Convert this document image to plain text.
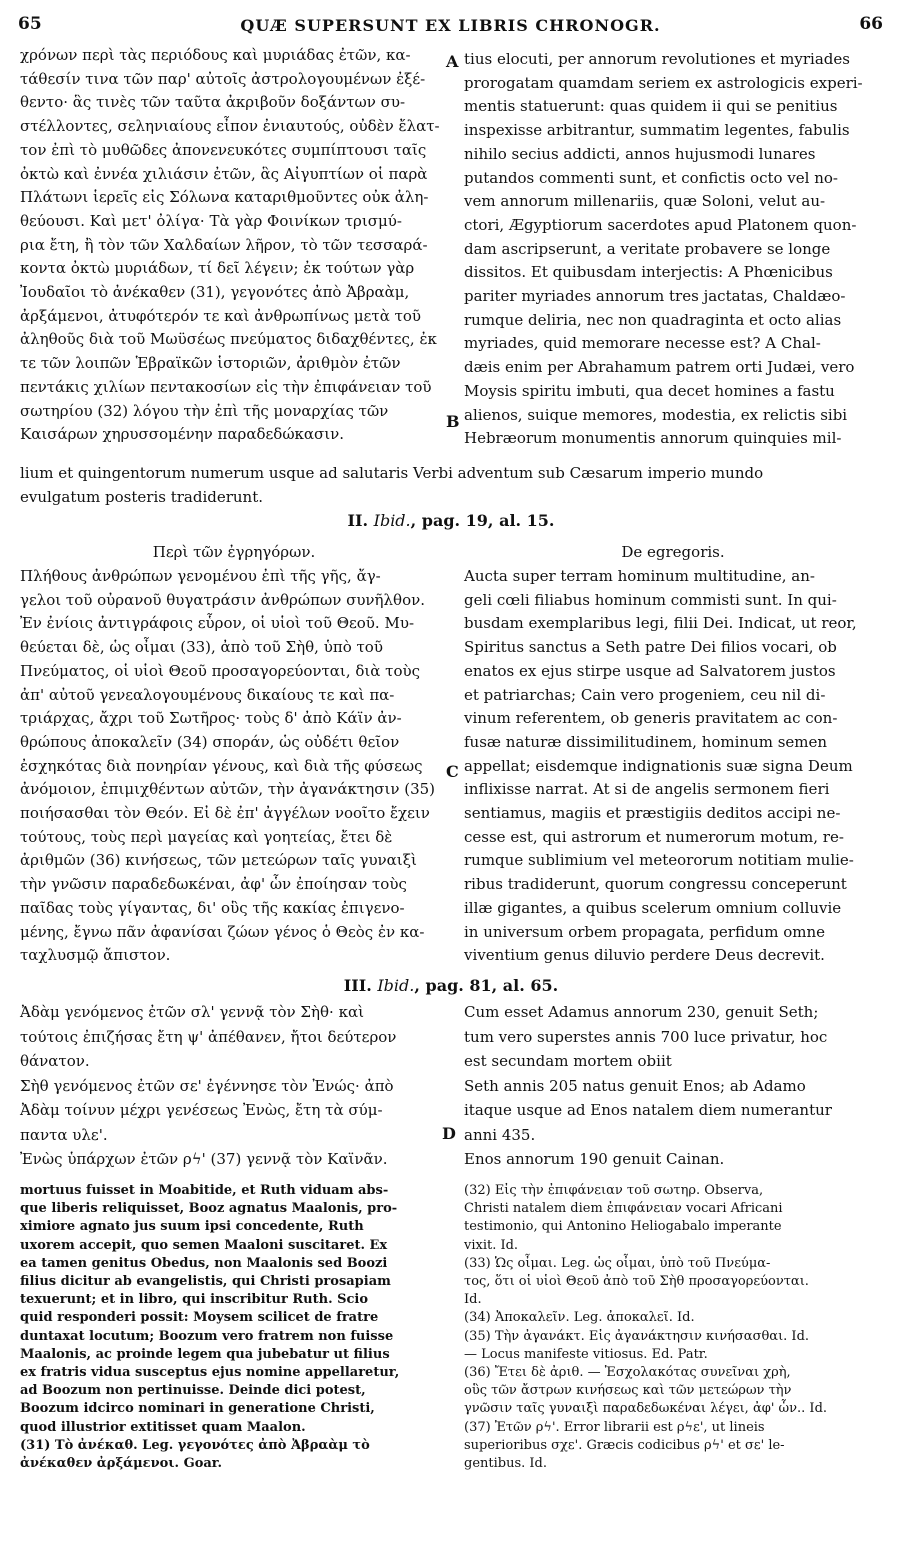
65	QUÆ SUPERSUNT EX LIBRIS CHRONOGR.	66

χρόνων περὶ τὰς περιόδους καὶ μυριάδας ἐτῶν, κα-

τάθεσίν τινα τῶν παρ' αὐτοῖς ἀστρολογουμένων ἐξέ-

θεντο· ἃς τινὲς τῶν ταῦτα ἀκριβοῦν δοξάντων συ-

στέλλοντες, σεληνιαίους εἶπον ἐνιαυτούς, οὐδὲν ἔλατ-

τον ἐπὶ τὸ μυθῶδες ἀπονενευκότες συμπίπτουσι ταῖς

ὀκτὼ καὶ ἐννέα χιλιάσιν ἐτῶν, ἃς Αἰγυπτίων οἱ παρὰ

Πλάτωνι ἱερεῖς εἰς Σόλωνα καταριθμοῦντες οὐκ ἀλη-

θεύουσι. Καὶ μετ' ὀλίγα· Τὰ γὰρ Φοινίκων τρισμύ-

ρια ἔτη, ἢ τὸν τῶν Χαλδαίων λῆρον, τὸ τῶν τεσσαρά-

κοντα ὀκτὼ μυριάδων, τί δεῖ λέγειν; ἐκ τούτων γὰρ

Ἰουδαῖοι τὸ ἀνέκαθεν (31), γεγονότες ἀπὸ Ἀβραὰμ,

ἀρξάμενοι, ἀτυφότερόν τε καὶ ἀνθρωπίνως μετὰ τοῦ

ἀληθοῦς διὰ τοῦ Μωϋσέως πνεύματος διδαχθέντες, ἐκ

τε τῶν λοιπῶν Ἑβραϊκῶν ἱστοριῶν, ἀριθμὸν ἐτῶν

πεντάκις χιλίων πεντακοσίων εἰς τὴν ἐπιφάνειαν τοῦ

σωτηρίου (32) λόγου τὴν ἐπὶ τῆς μοναρχίας τῶν

Καισάρων χηρυσσομένην παραδεδώκασιν.

tius elocuti, per annorum revolutiones et myriades

prorogatam quamdam seriem ex astrologicis experi-

mentis statuerunt: quas quidem ii qui se penitius

inspexisse arbitrantur, summatim legentes, fabulis

nihilo secius addicti, annos hujusmodi lunares

putandos commenti sunt, et confictis octo vel no-

vem annorum millenariis, quæ Soloni, velut au-

ctori, Ægyptiorum sacerdotes apud Platonem quon-

dam ascripserunt, a veritate probavere se longe

dissitos. Et quibusdam interjectis: A Phœnicibus

pariter myriades annorum tres jactatas, Chaldæo-

rumque deliria, nec non quadraginta et octo alias

myriades, quid memorare necesse est? A Chal-

dæis enim per Abrahamum patrem orti Judæi, vero

Moysis spiritu imbuti, qua decet homines a fastu

alienos, suique memores, modestia, ex relictis sibi

Hebræorum monumentis annorum quinquies mil-

A
B

lium et quingentorum numerum usque ad salutaris Verbi adventum sub Cæsarum imperio mundo

evulgatum posteris tradiderunt.

II. Ibid., pag. 19, al. 15.
Περὶ τῶν ἐγρηγόρων.	De egregoris.

Πλήθους ἀνθρώπων γενομένου ἐπὶ τῆς γῆς, ἄγ-

γελοι τοῦ οὐρανοῦ θυγατράσιν ἀνθρώπων συνῆλθον.

Ἐν ἐνίοις ἀντιγράφοις εὗρον, οἱ υἱοὶ τοῦ Θεοῦ. Μυ-

θεύεται δὲ, ὡς οἶμαι (33), ἀπὸ τοῦ Σὴθ, ὑπὸ τοῦ

Πνεύματος, οἱ υἱοὶ Θεοῦ προσαγορεύονται, διὰ τοὺς

ἀπ' αὐτοῦ γενεαλογουμένους δικαίους τε καὶ πα-

τριάρχας, ἄχρι τοῦ Σωτῆρος· τοὺς δ' ἀπὸ Κάϊν ἀν-

θρώπους ἀποκαλεῖν (34) σποράν, ὡς οὐδέτι θεῖον

ἐσχηκότας διὰ πονηρίαν γένους, καὶ διὰ τῆς φύσεως

ἀνόμοιον, ἐπιμιχθέντων αὐτῶν, τὴν ἀγανάκτησιν (35)

ποιήσασθαι τὸν Θεόν. Εἰ δὲ ἐπ' ἀγγέλων νοοῖτο ἔχειν

τούτους, τοὺς περὶ μαγείας καὶ γοητείας, ἔτει δὲ

ἀριθμῶν (36) κινήσεως, τῶν μετεώρων ταῖς γυναιξὶ

τὴν γνῶσιν παραδεδωκέναι, ἀφ' ὧν ἐποίησαν τοὺς

παῖδας τοὺς γίγαντας, δι' οὓς τῆς κακίας ἐπιγενο-

μένης, ἔγνω πᾶν ἀφανίσαι ζώων γένος ὁ Θεὸς ἐν κα-

ταχλυσμῷ ἄπιστον.

Aucta super terram hominum multitudine, an-

geli cœli filiabus hominum commisti sunt. In qui-

busdam exemplaribus legi, filii Dei. Indicat, ut reor,

Spiritus sanctus a Seth patre Dei filios vocari, ob

enatos ex ejus stirpe usque ad Salvatorem justos

et patriarchas; Cain vero progeniem, ceu nil di-

vinum referentem, ob generis pravitatem ac con-

fusæ naturæ dissimilitudinem, hominum semen

appellat; eisdemque indignationis suæ signa Deum

inflixisse narrat. At si de angelis sermonem fieri

sentiamus, magiis et præstigiis deditos accipi ne-

cesse est, qui astrorum et numerorum motum, re-

rumque sublimium vel meteororum notitiam mulie-

ribus tradiderunt, quorum congressu conceperunt

illæ gigantes, a quibus scelerum omnium colluvie

in universum orbem propagata, perfidum omne

viventium genus diluvio perdere Deus decrevit.

C
III. Ibid., pag. 81, al. 65.

Ἀδὰμ γενόμενος ἐτῶν σλ' γεννᾷ τὸν Σὴθ· καὶ

τούτοις ἐπιζήσας ἔτη ψ' ἀπέθανεν, ἤτοι δεύτερον

θάνατον.

Σὴθ γενόμενος ἐτῶν σε' ἐγέννησε τὸν Ἐνώς· ἀπὸ

Ἀδὰμ τοίνυν μέχρι γενέσεως Ἐνὼς, ἔτη τὰ σύμ-

παντα υλε'.

Ἐνὼς ὑπάρχων ἐτῶν ρϟ' (37) γεννᾷ τὸν Καϊνᾶν.

Cum esset Adamus annorum 230, genuit Seth;

tum vero superstes annis 700 luce privatur, hoc

est secundam mortem obiit

Seth annis 205 natus genuit Enos; ab Adamo

itaque usque ad Enos natalem diem numerantur

anni 435.

Enos annorum 190 genuit Cainan.

D

mortuus fuisset in Moabitide, et Ruth viduam abs-

que liberis reliquisset, Booz agnatus Maalonis, pro-

ximiore agnato jus suum ipsi concedente, Ruth

uxorem accepit, quo semen Maaloni suscitaret. Ex

ea tamen genitus Obedus, non Maalonis sed Boozi

filius dicitur ab evangelistis, qui Christi prosapiam

texuerunt; et in libro, qui inscribitur Ruth. Scio

quid responderi possit: Moysem scilicet de fratre

duntaxat locutum; Boozum vero fratrem non fuisse

Maalonis, ac proinde legem qua jubebatur ut filius

ex fratris vidua susceptus ejus nomine appellaretur,

ad Boozum non pertinuisse. Deinde dici potest,

Boozum idcirco nominari in generatione Christi,

quod illustrior extitisset quam Maalon.

(31) Τὸ ἀνέκαθ. Leg. γεγονότες ἀπὸ Ἀβραὰμ τὸ

ἀνέκαθεν ἀρξάμενοι. Goar.

(32) Εἰς τὴν ἐπιφάνειαν τοῦ σωτηρ. Observa,

Christi natalem diem ἐπιφάνειαν vocari Africani

testimonio, qui Antonino Heliogabalo imperante

vixit. Id.

(33) Ὡς οἶμαι. Leg. ὡς οἶμαι, ὑπὸ τοῦ Πνεύμα-

τος, ὅτι οἱ υἱοὶ Θεοῦ ἀπὸ τοῦ Σὴθ προσαγορεύονται.

Id.

(34) Ἀποκαλεῖν. Leg. ἀποκαλεῖ. Id.

(35) Τὴν ἀγανάκτ. Εἰς ἀγανάκτησιν κινήσασθαι. Id.

— Locus manifeste vitiosus. Ed. Patr.

(36) Ἔτει δὲ ἀριθ. — Ἐσχολακότας συνεῖναι χρὴ,

οὓς τῶν ἄστρων κινήσεως καὶ τῶν μετεώρων τὴν

γνῶσιν ταῖς γυναιξὶ παραδεδωκέναι λέγει, ἀφ' ὧν.. Id.

(37) Ἐτῶν ρϟ'. Error librarii est ρϟε', ut lineis

superioribus σχε'. Græcis codicibus ρϟ' et σε' le-

gentibus. Id.
